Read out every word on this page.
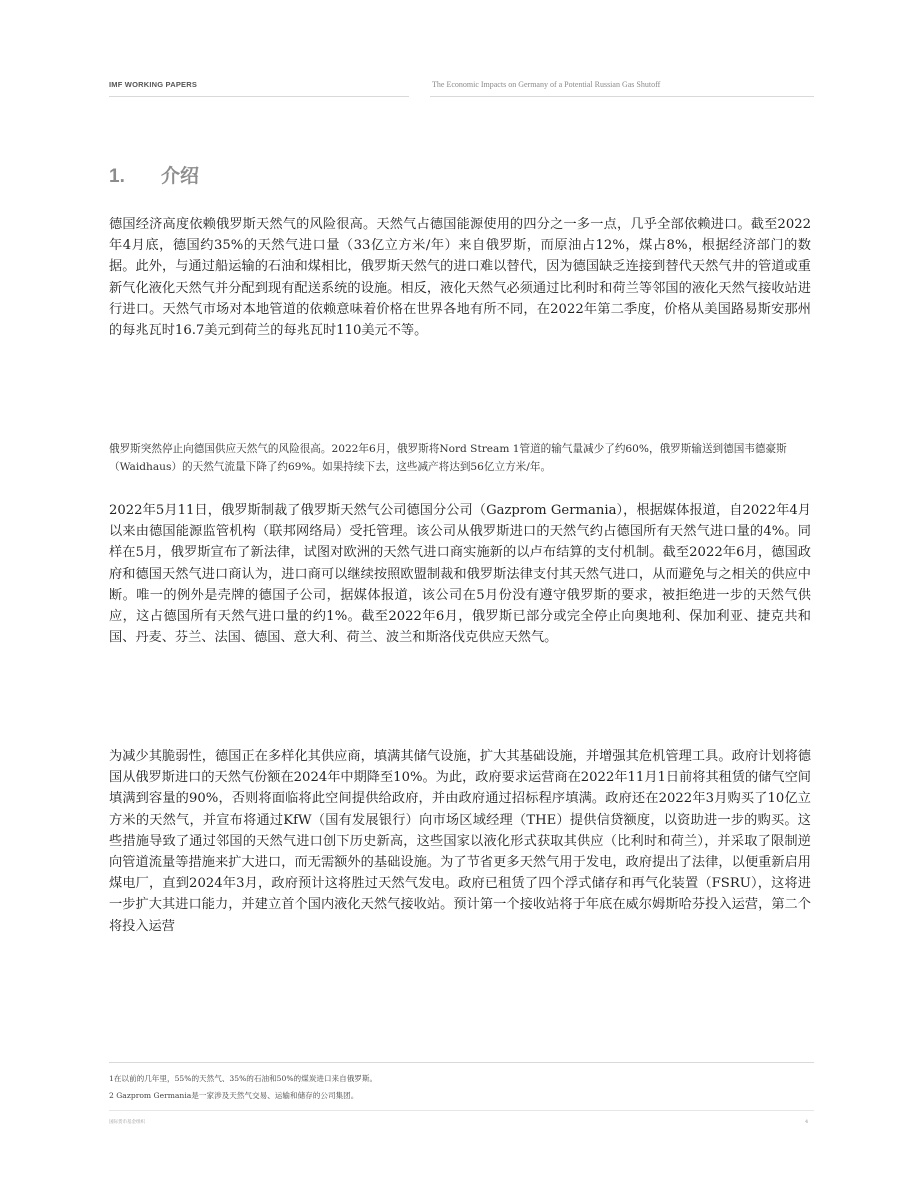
IMF WORKING PAPERS	The Economic Impacts on Germany of a Potential Russian Gas Shutoff
1. 介绍

德国经济高度依赖俄罗斯天然气的风险很高。天然气占德国能源使用的四分之一多一点，几乎全部依赖进口。截至2022年4月底，德国约35%的天然气进口量（33亿立方米/年）来自俄罗斯，而原油占12%，煤占8%，根据经济部门的数据。此外，与通过船运输的石油和煤相比，俄罗斯天然气的进口难以替代，因为德国缺乏连接到替代天然气井的管道或重新气化液化天然气并分配到现有配送系统的设施。相反，液化天然气必须通过比利时和荷兰等邻国的液化天然气接收站进行进口。天然气市场对本地管道的依赖意味着价格在世界各地有所不同，在2022年第二季度，价格从美国路易斯安那州的每兆瓦时16.7美元到荷兰的每兆瓦时110美元不等。

俄罗斯突然停止向德国供应天然气的风险很高。2022年6月，俄罗斯将Nord Stream 1管道的输气量减少了约60%，俄罗斯输送到德国韦德豪斯（Waidhaus）的天然气流量下降了约69%。如果持续下去，这些减产将达到56亿立方米/年。

2022年5月11日，俄罗斯制裁了俄罗斯天然气公司德国分公司（Gazprom Germania），根据媒体报道，自2022年4月以来由德国能源监管机构（联邦网络局）受托管理。该公司从俄罗斯进口的天然气约占德国所有天然气进口量的4%。同样在5月，俄罗斯宣布了新法律，试图对欧洲的天然气进口商实施新的以卢布结算的支付机制。截至2022年6月，德国政府和德国天然气进口商认为，进口商可以继续按照欧盟制裁和俄罗斯法律支付其天然气进口，从而避免与之相关的供应中断。唯一的例外是壳牌的德国子公司，据媒体报道，该公司在5月份没有遵守俄罗斯的要求，被拒绝进一步的天然气供应，这占德国所有天然气进口量的约1%。截至2022年6月，俄罗斯已部分或完全停止向奥地利、保加利亚、捷克共和国、丹麦、芬兰、法国、德国、意大利、荷兰、波兰和斯洛伐克供应天然气。

为减少其脆弱性，德国正在多样化其供应商，填满其储气设施，扩大其基础设施，并增强其危机管理工具。政府计划将德国从俄罗斯进口的天然气份额在2024年中期降至10%。为此，政府要求运营商在2022年11月1日前将其租赁的储气空间填满到容量的90%，否则将面临将此空间提供给政府，并由政府通过招标程序填满。政府还在2022年3月购买了10亿立方米的天然气，并宣布将通过KfW（国有发展银行）向市场区域经理（THE）提供信贷额度，以资助进一步的购买。这些措施导致了通过邻国的天然气进口创下历史新高，这些国家以液化形式获取其供应（比利时和荷兰），并采取了限制逆向管道流量等措施来扩大进口，而无需额外的基础设施。为了节省更多天然气用于发电，政府提出了法律，以便重新启用煤电厂，直到2024年3月，政府预计这将胜过天然气发电。政府已租赁了四个浮式储存和再气化装置（FSRU），这将进一步扩大其进口能力，并建立首个国内液化天然气接收站。预计第一个接收站将于年底在威尔姆斯哈芬投入运营，第二个将投入运营

1在以前的几年里，55%的天然气、35%的石油和50%的煤炭进口来自俄罗斯。
2 Gazprom Germania是一家涉及天然气交易、运输和储存的公司集团。
国际货币基金组织	4
